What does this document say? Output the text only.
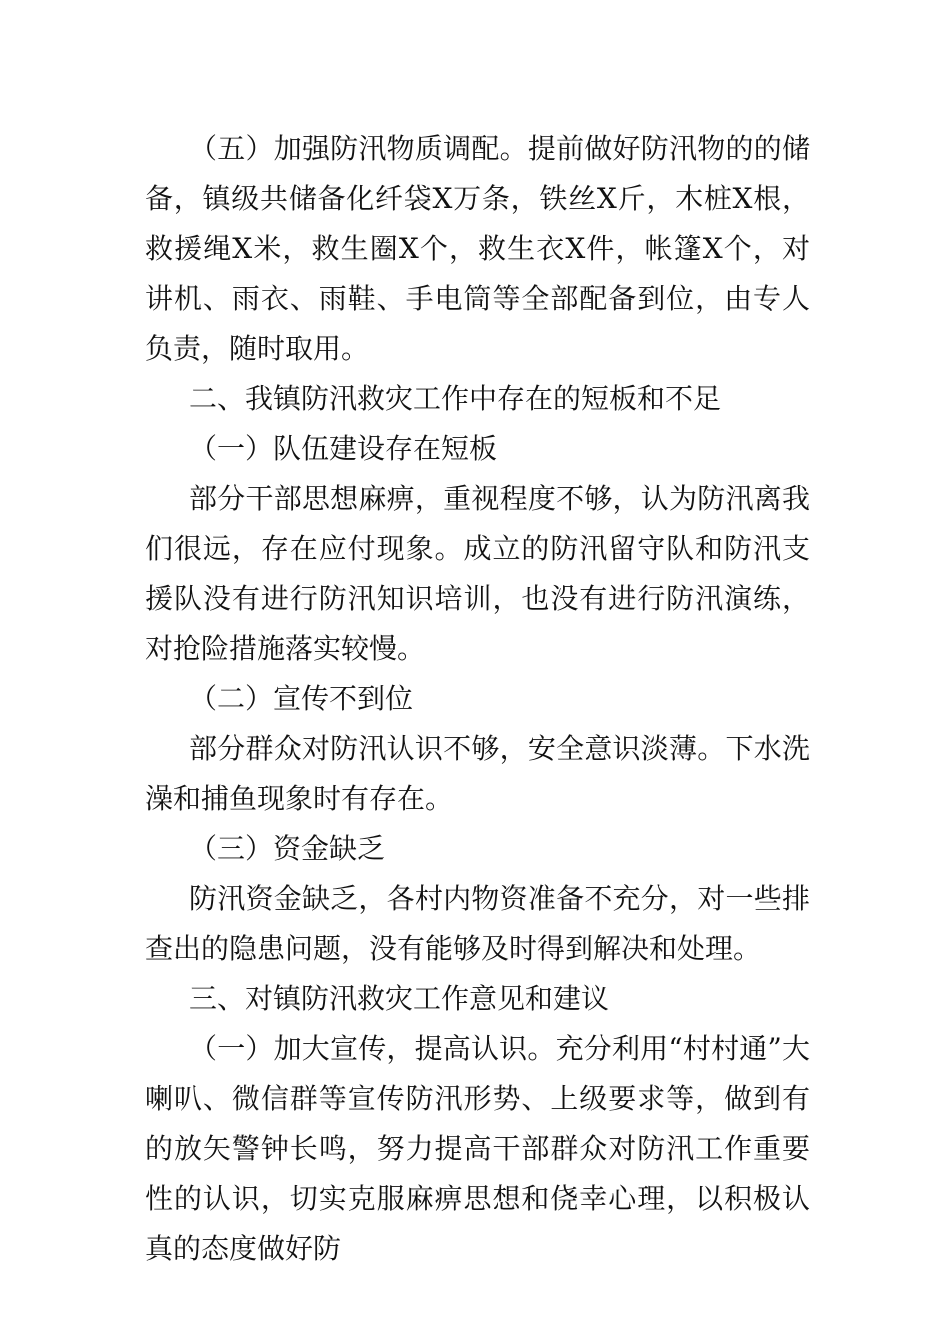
（五）加强防汛物质调配。提前做好防汛物的的储备，镇级共储备化纤袋X万条，铁丝X斤，木桩X根，救援绳X米，救生圈X个，救生衣X件，帐篷X个，对讲机、雨衣、雨鞋、手电筒等全部配备到位，由专人负责，随时取用。

二、我镇防汛救灾工作中存在的短板和不足

（一）队伍建设存在短板

部分干部思想麻痹，重视程度不够，认为防汛离我们很远，存在应付现象。成立的防汛留守队和防汛支援队没有进行防汛知识培训，也没有进行防汛演练，对抢险措施落实较慢。

（二）宣传不到位

部分群众对防汛认识不够，安全意识淡薄。下水洗澡和捕鱼现象时有存在。

（三）资金缺乏

防汛资金缺乏，各村内物资准备不充分，对一些排查出的隐患问题，没有能够及时得到解决和处理。

三、对镇防汛救灾工作意见和建议

（一）加大宣传，提高认识。充分利用“村村通”大喇叭、微信群等宣传防汛形势、上级要求等，做到有的放矢警钟长鸣，努力提高干部群众对防汛工作重要性的认识，切实克服麻痹思想和侥幸心理，以积极认真的态度做好防
